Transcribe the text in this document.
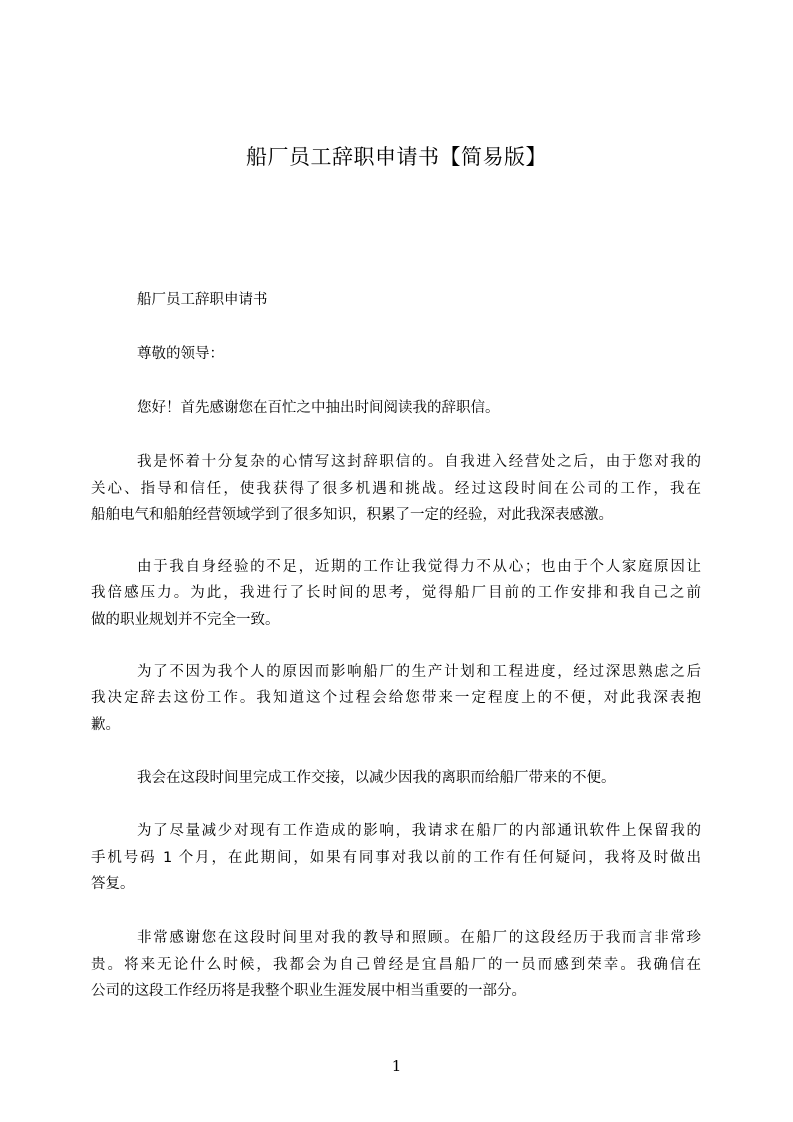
船厂员工辞职申请书【简易版】
船厂员工辞职申请书
尊敬的领导：
您好！首先感谢您在百忙之中抽出时间阅读我的辞职信。
我是怀着十分复杂的心情写这封辞职信的。自我进入经营处之后，由于您对我的
关心、指导和信任，使我获得了很多机遇和挑战。经过这段时间在公司的工作，我在
船舶电气和船舶经营领域学到了很多知识，积累了一定的经验，对此我深表感激。
由于我自身经验的不足，近期的工作让我觉得力不从心；也由于个人家庭原因让
我倍感压力。为此，我进行了长时间的思考，觉得船厂目前的工作安排和我自己之前
做的职业规划并不完全一致。
为了不因为我个人的原因而影响船厂的生产计划和工程进度，经过深思熟虑之后
我决定辞去这份工作。我知道这个过程会给您带来一定程度上的不便，对此我深表抱
歉。
我会在这段时间里完成工作交接，以减少因我的离职而给船厂带来的不便。
为了尽量减少对现有工作造成的影响，我请求在船厂的内部通讯软件上保留我的
手机号码 1 个月，在此期间，如果有同事对我以前的工作有任何疑问，我将及时做出
答复。
非常感谢您在这段时间里对我的教导和照顾。在船厂的这段经历于我而言非常珍
贵。将来无论什么时候，我都会为自己曾经是宜昌船厂的一员而感到荣幸。我确信在
公司的这段工作经历将是我整个职业生涯发展中相当重要的一部分。
1
